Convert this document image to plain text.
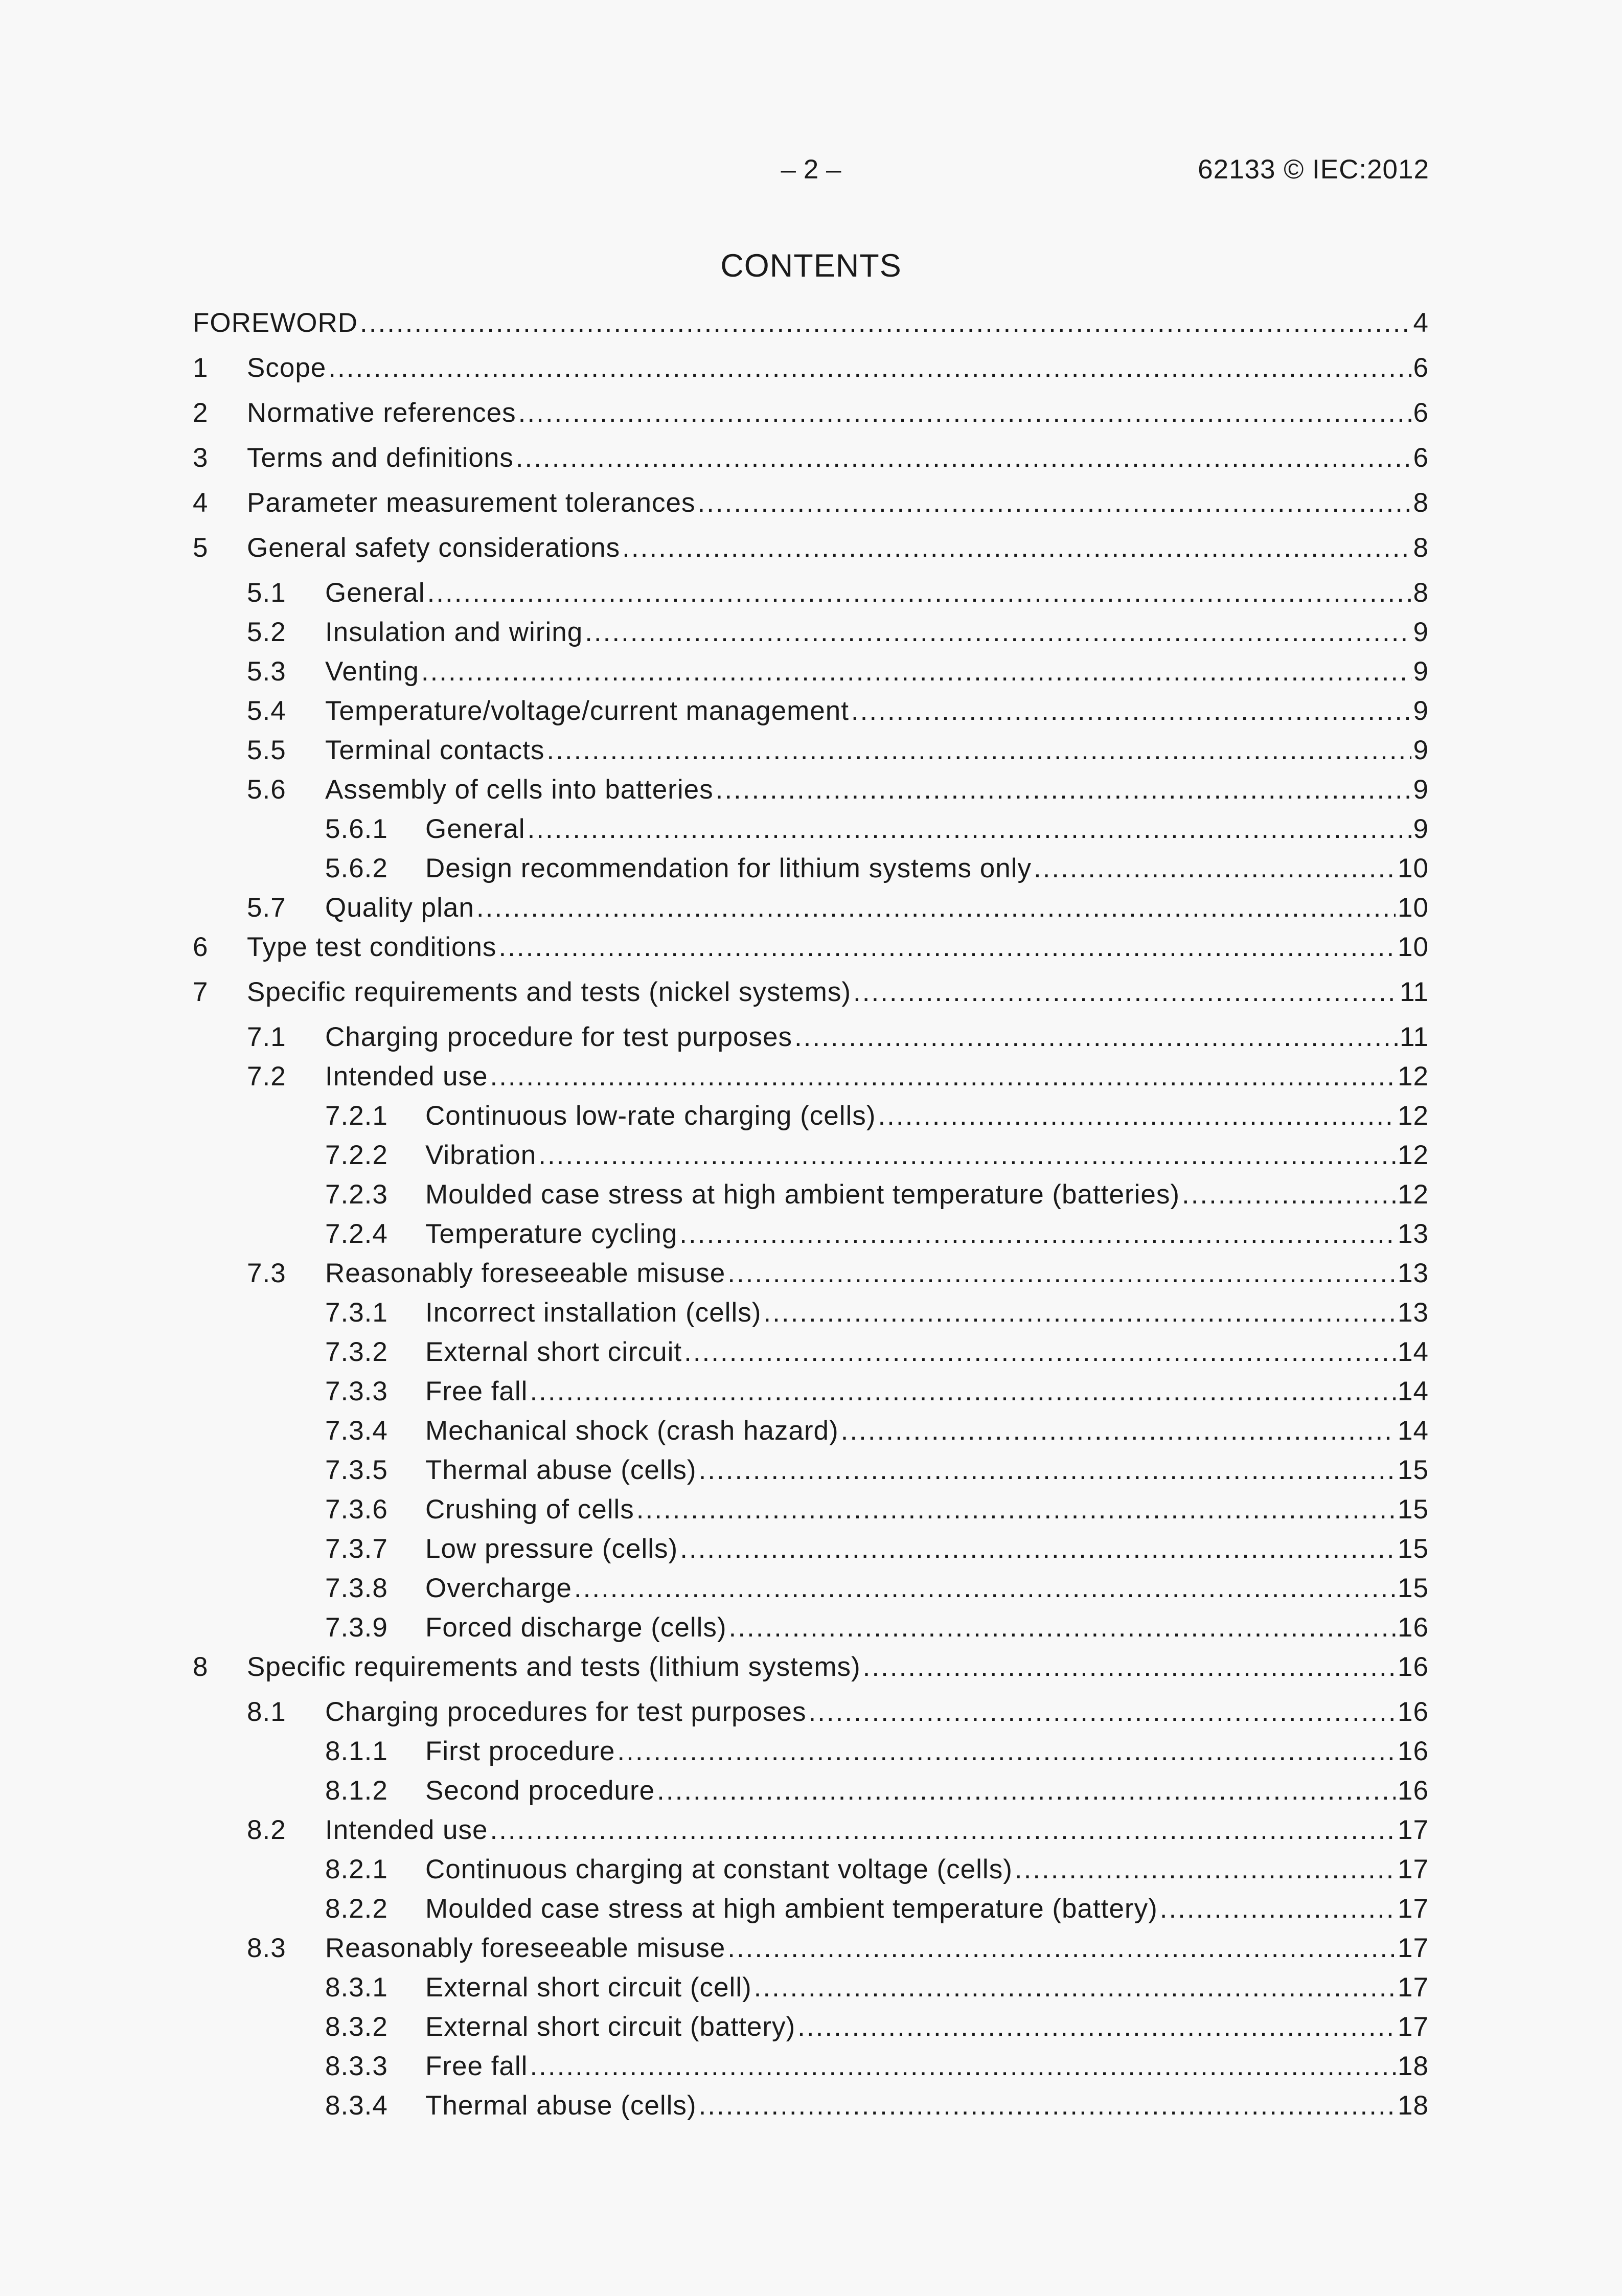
– 2 –	62133 © IEC:2012
CONTENTS
FOREWORD .....	4
1	Scope .....	6
2	Normative references .....	6
3	Terms and definitions .....	6
4	Parameter measurement tolerances .....	8
5	General safety considerations .....	8
5.1	General .....	8
5.2	Insulation and wiring .....	9
5.3	Venting .....	9
5.4	Temperature/voltage/current management .....	9
5.5	Terminal contacts .....	9
5.6	Assembly of cells into batteries .....	9
5.6.1	General .....	9
5.6.2	Design recommendation for lithium systems only .....	10
5.7	Quality plan .....	10
6	Type test conditions .....	10
7	Specific requirements and tests (nickel systems) .....	11
7.1	Charging procedure for test purposes .....	11
7.2	Intended use .....	12
7.2.1	Continuous low-rate charging (cells) .....	12
7.2.2	Vibration .....	12
7.2.3	Moulded case stress at high ambient temperature (batteries) .....	12
7.2.4	Temperature cycling .....	13
7.3	Reasonably foreseeable misuse .....	13
7.3.1	Incorrect installation (cells) .....	13
7.3.2	External short circuit .....	14
7.3.3	Free fall .....	14
7.3.4	Mechanical shock (crash hazard) .....	14
7.3.5	Thermal abuse (cells) .....	15
7.3.6	Crushing of cells .....	15
7.3.7	Low pressure (cells) .....	15
7.3.8	Overcharge .....	15
7.3.9	Forced discharge (cells) .....	16
8	Specific requirements and tests (lithium systems) .....	16
8.1	Charging procedures for test purposes .....	16
8.1.1	First procedure .....	16
8.1.2	Second procedure .....	16
8.2	Intended use .....	17
8.2.1	Continuous charging at constant voltage (cells) .....	17
8.2.2	Moulded case stress at high ambient temperature (battery) .....	17
8.3	Reasonably foreseeable misuse .....	17
8.3.1	External short circuit (cell) .....	17
8.3.2	External short circuit (battery) .....	17
8.3.3	Free fall .....	18
8.3.4	Thermal abuse (cells) .....	18
